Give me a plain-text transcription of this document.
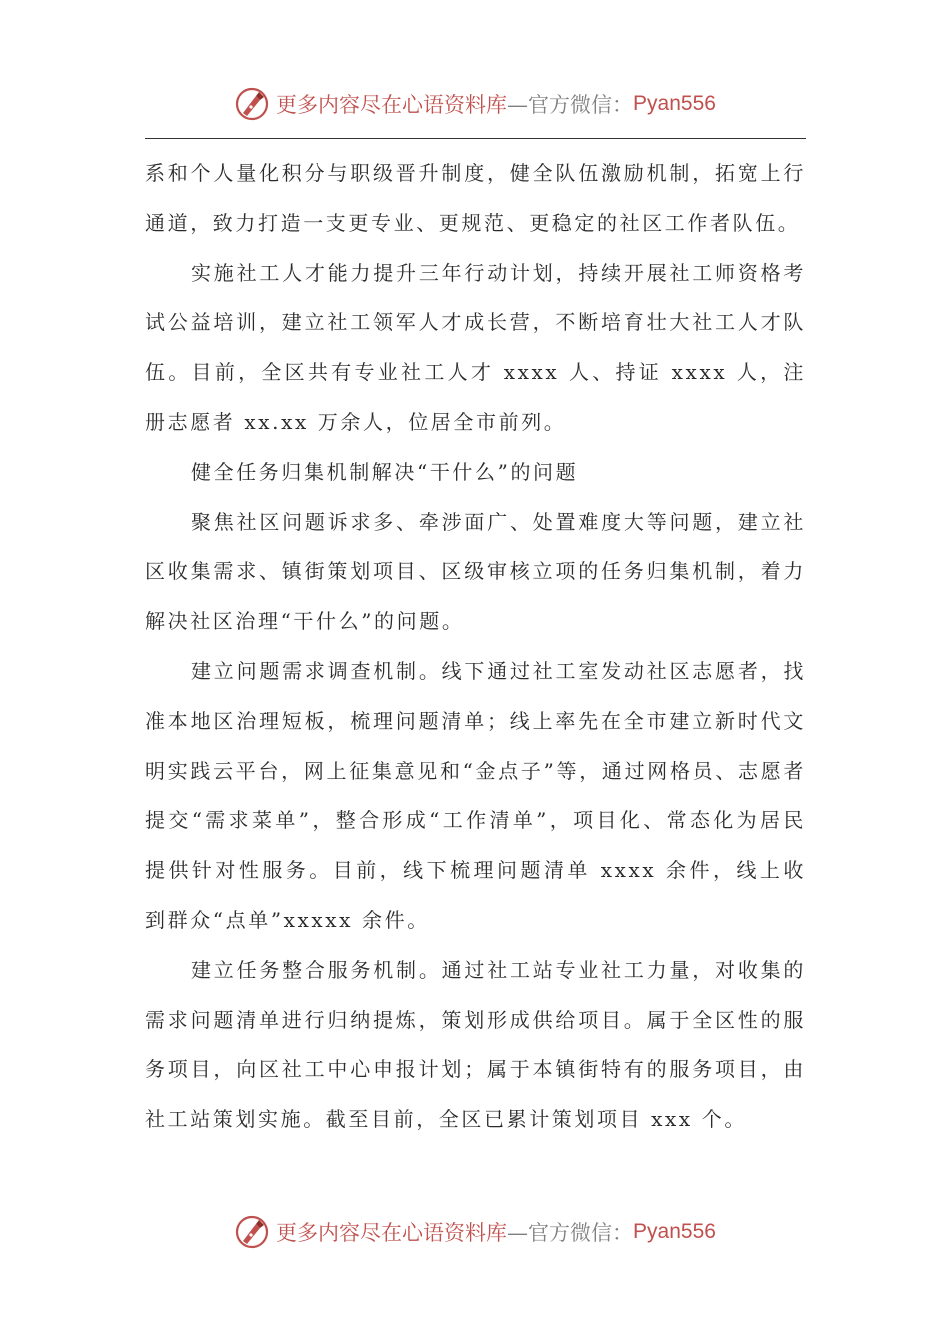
更多内容尽在心语资料库 —官方微信： Pyan556

系和个人量化积分与职级晋升制度，健全队伍激励机制，拓宽上行通道，致力打造一支更专业、更规范、更稳定的社区工作者队伍。

实施社工人才能力提升三年行动计划，持续开展社工师资格考试公益培训，建立社工领军人才成长营，不断培育壮大社工人才队伍。目前，全区共有专业社工人才 xxxx 人、持证 xxxx 人，注册志愿者 xx.xx 万余人，位居全市前列。

健全任务归集机制解决“干什么”的问题

聚焦社区问题诉求多、牵涉面广、处置难度大等问题，建立社区收集需求、镇街策划项目、区级审核立项的任务归集机制，着力解决社区治理“干什么”的问题。

建立问题需求调查机制。线下通过社工室发动社区志愿者，找准本地区治理短板，梳理问题清单；线上率先在全市建立新时代文明实践云平台，网上征集意见和“金点子”等，通过网格员、志愿者提交“需求菜单”，整合形成“工作清单”，项目化、常态化为居民提供针对性服务。目前，线下梳理问题清单 xxxx 余件，线上收到群众“点单”xxxxx 余件。

建立任务整合服务机制。通过社工站专业社工力量，对收集的需求问题清单进行归纳提炼，策划形成供给项目。属于全区性的服务项目，向区社工中心申报计划；属于本镇街特有的服务项目，由社工站策划实施。截至目前，全区已累计策划项目 xxx 个。

更多内容尽在心语资料库 —官方微信： Pyan556
